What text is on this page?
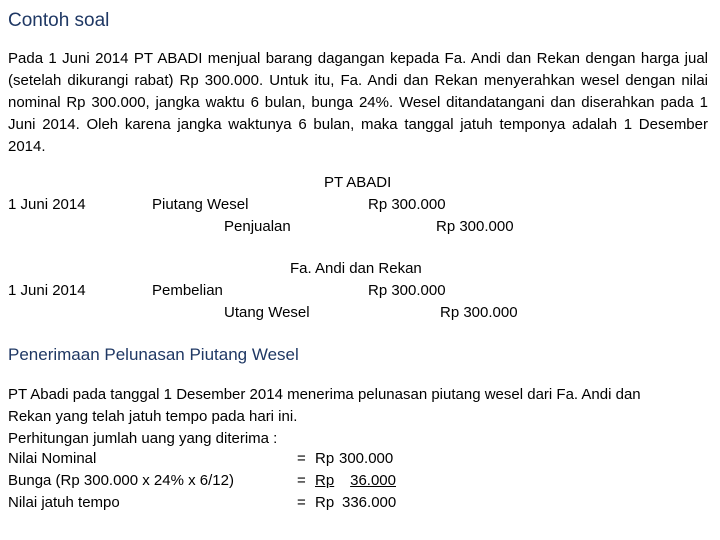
Contoh soal
Pada 1 Juni 2014 PT ABADI menjual barang dagangan kepada Fa. Andi dan Rekan dengan harga jual (setelah dikurangi rabat) Rp 300.000. Untuk itu, Fa. Andi dan Rekan menyerahkan wesel dengan nilai nominal Rp 300.000, jangka waktu 6 bulan, bunga 24%. Wesel ditandatangani dan diserahkan pada 1 Juni 2014. Oleh karena jangka waktunya 6 bulan, maka tanggal jatuh temponya adalah 1 Desember 2014.
PT ABADI
1 Juni 2014	Piutang Wesel	Rp 300.000
Penjualan	Rp 300.000
Fa. Andi dan Rekan
1 Juni 2014	Pembelian	Rp 300.000
Utang Wesel	Rp 300.000
Penerimaan Pelunasan Piutang Wesel
PT Abadi pada tanggal 1 Desember 2014 menerima pelunasan piutang wesel dari Fa. Andi dan
Rekan yang telah jatuh tempo pada hari ini.
Perhitungan jumlah uang yang diterima :
Nilai Nominal	= Rp 300.000
Bunga (Rp 300.000 x 24% x 6/12)	= Rp	36.000
Nilai jatuh tempo	= Rp 336.000
